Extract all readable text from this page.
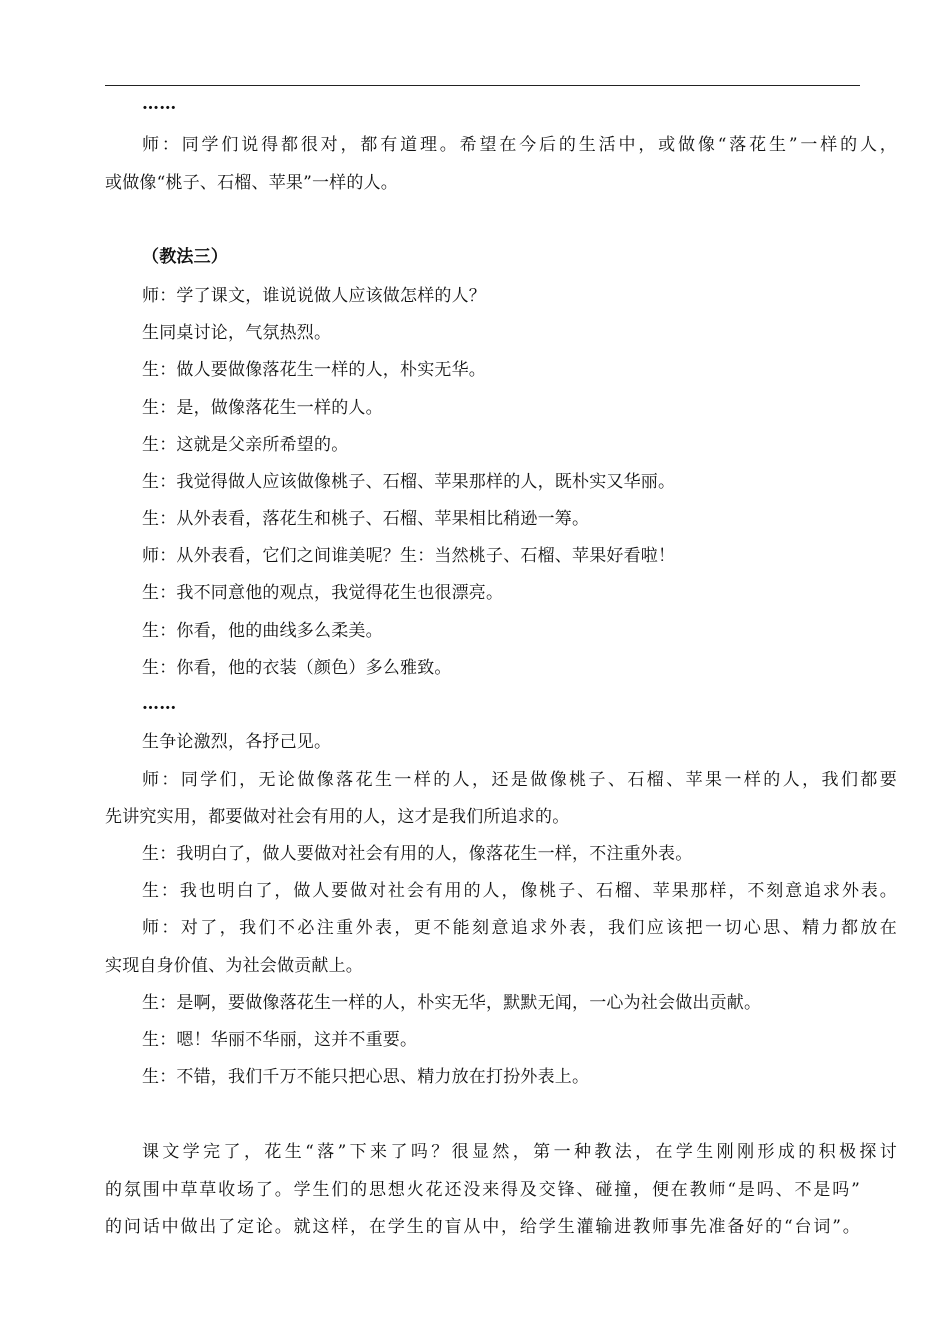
……
师：同学们说得都很对，都有道理。希望在今后的生活中，或做像“落花生”一样的人，
或做像“桃子、石榴、苹果”一样的人。
（教法三）
师：学了课文，谁说说做人应该做怎样的人？
生同桌讨论，气氛热烈。
生：做人要做像落花生一样的人，朴实无华。
生：是，做像落花生一样的人。
生：这就是父亲所希望的。
生：我觉得做人应该做像桃子、石榴、苹果那样的人，既朴实又华丽。
生：从外表看，落花生和桃子、石榴、苹果相比稍逊一筹。
师：从外表看，它们之间谁美呢？生：当然桃子、石榴、苹果好看啦！
生：我不同意他的观点，我觉得花生也很漂亮。
生：你看，他的曲线多么柔美。
生：你看，他的衣装（颜色）多么雅致。
……
生争论激烈，各抒己见。
师：同学们，无论做像落花生一样的人，还是做像桃子、石榴、苹果一样的人，我们都要
先讲究实用，都要做对社会有用的人，这才是我们所追求的。
生：我明白了，做人要做对社会有用的人，像落花生一样，不注重外表。
生：我也明白了，做人要做对社会有用的人，像桃子、石榴、苹果那样，不刻意追求外表。
师：对了，我们不必注重外表，更不能刻意追求外表，我们应该把一切心思、精力都放在
实现自身价值、为社会做贡献上。
生：是啊，要做像落花生一样的人，朴实无华，默默无闻，一心为社会做出贡献。
生：嗯！华丽不华丽，这并不重要。
生：不错，我们千万不能只把心思、精力放在打扮外表上。
课文学完了，花生“落”下来了吗？很显然，第一种教法，在学生刚刚形成的积极探讨
的氛围中草草收场了。学生们的思想火花还没来得及交锋、碰撞，便在教师“是吗、不是吗”
的问话中做出了定论。就这样，在学生的盲从中，给学生灌输进教师事先准备好的“台词”。
